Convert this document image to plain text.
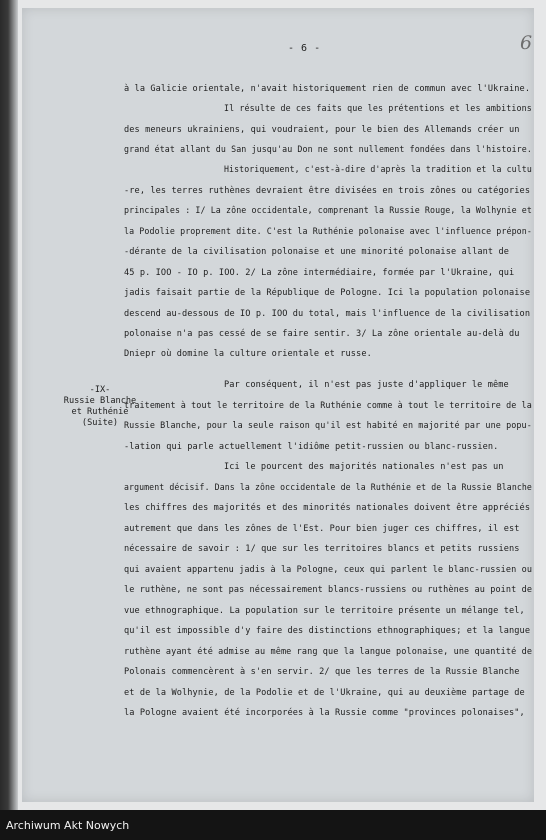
- 6 -	6
-IX-
Russie Blanche
et Ruthénie
(Suite)
à la Galicie orientale, n'avait historiquement rien de commun avec l'Ukraine.
Il résulte de ces faits que les prétentions et les ambitions
des meneurs ukrainiens, qui voudraient, pour le bien des Allemands créer un
grand état allant du San jusqu'au Don ne sont nullement fondées dans l'histoire.
Historiquement, c'est-à-dire d'après la tradition et la cultu
-re, les terres ruthènes devraient être divisées en trois zônes ou catégories
principales : I/ La zône occidentale, comprenant la Russie Rouge, la Wolhynie et
la Podolie proprement dite. C'est la Ruthénie polonaise avec l'influence prépon-
-dérante de la civilisation polonaise et une minorité polonaise allant de
45 p. IOO - IO p. IOO. 2/ La zône intermédiaire, formée par l'Ukraine, qui
jadis faisait partie de la République de Pologne. Ici la population polonaise
descend au-dessous de IO p. IOO du total, mais l'influence de la civilisation
polonaise n'a pas cessé de se faire sentir. 3/ La zône orientale au-delà du
Dniepr où domine la culture orientale et russe.
Par conséquent, il n'est pas juste d'appliquer le même
traitement à tout le territoire de la Ruthénie comme à tout le territoire de la
Russie Blanche, pour la seule raison qu'il est habité en majorité par une popu-
-lation qui parle actuellement l'idiôme petit-russien ou blanc-russien.
Ici le pourcent des majorités nationales n'est pas un
argument décisif. Dans la zône occidentale de la Ruthénie et de la Russie Blanche
les chiffres des majorités et des minorités nationales doivent être appréciés
autrement que dans les zônes de l'Est. Pour bien juger ces chiffres, il est
nécessaire de savoir : 1/ que sur les territoires blancs et petits russiens
qui avaient appartenu jadis à la Pologne, ceux qui parlent le blanc-russien ou
le ruthène, ne sont pas nécessairement blancs-russiens ou ruthènes au point de
vue ethnographique. La population sur le territoire présente un mélange tel,
qu'il est impossible d'y faire des distinctions ethnographiques; et la langue
ruthène ayant été admise au même rang que la langue polonaise, une quantité de
Polonais commencèrent à s'en servir. 2/ que les terres de la Russie Blanche
et de la Wolhynie, de la Podolie et de l'Ukraine, qui au deuxième partage de
la Pologne avaient été incorporées à la Russie comme "provinces polonaises",
Archiwum Akt Nowych
